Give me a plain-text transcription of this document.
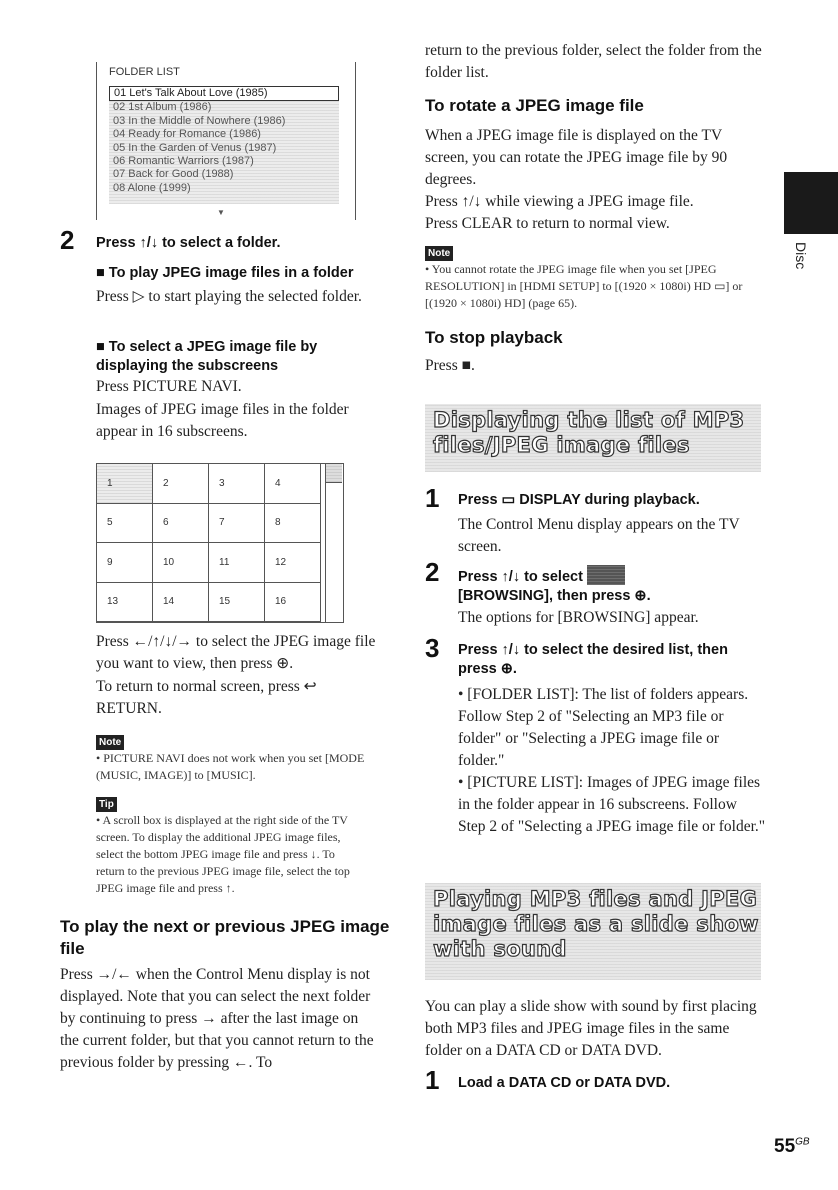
FOLDER LIST
01 Let's Talk About Love (1985)
02 1st Album (1986)
03 In the Middle of Nowhere (1986)
04 Ready for Romance (1986)
05 In the Garden of Venus (1987)
06 Romantic Warriors (1987)
07 Back for Good (1988)
08 Alone (1999)
▼
2 Press ↑/↓ to select a folder.
■ To play JPEG image files in a folder
Press ▷ to start playing the selected folder.
■ To select a JPEG image file by displaying the subscreens
Press PICTURE NAVI.
Images of JPEG image files in the folder appear in 16 subscreens.
1	2	3	4
5	6	7	8
9	10	11	12
13	14	15	16
Press ←/↑/↓/→ to select the JPEG image file you want to view, then press ⊕.
To return to normal screen, press ↩ RETURN.
Note
• PICTURE NAVI does not work when you set [MODE (MUSIC, IMAGE)] to [MUSIC].
Tip
• A scroll box is displayed at the right side of the TV screen. To display the additional JPEG image files, select the bottom JPEG image file and press ↓. To return to the previous JPEG image file, select the top JPEG image file and press ↑.
To play the next or previous JPEG image file
Press →/← when the Control Menu display is not displayed. Note that you can select the next folder by continuing to press → after the last image on the current folder, but that you cannot return to the previous folder by pressing ←. To
return to the previous folder, select the folder from the folder list.
To rotate a JPEG image file
When a JPEG image file is displayed on the TV screen, you can rotate the JPEG image file by 90 degrees.
Press ↑/↓ while viewing a JPEG image file.
Press CLEAR to return to normal view.
Note
• You cannot rotate the JPEG image file when you set [JPEG RESOLUTION] in [HDMI SETUP] to [(1920 × 1080i) HD ▭] or [(1920 × 1080i) HD] (page 65).
To stop playback
Press ■.
Displaying the list of MP3
files/JPEG image files
1 Press ▭ DISPLAY during playback.
The Control Menu display appears on the TV screen.
2 Press ↑/↓ to select
[BROWSING], then press ⊕.
The options for [BROWSING] appear.
3 Press ↑/↓ to select the desired list, then press ⊕.
• [FOLDER LIST]: The list of folders appears. Follow Step 2 of "Selecting an MP3 file or folder" or "Selecting a JPEG image file or folder."
• [PICTURE LIST]: Images of JPEG image files in the folder appear in 16 subscreens. Follow Step 2 of "Selecting a JPEG image file or folder."
Playing MP3 files and JPEG
image files as a slide show
with sound
You can play a slide show with sound by first placing both MP3 files and JPEG image files in the same folder on a DATA CD or DATA DVD.
1 Load a DATA CD or DATA DVD.
Disc
$55^{GB}$
